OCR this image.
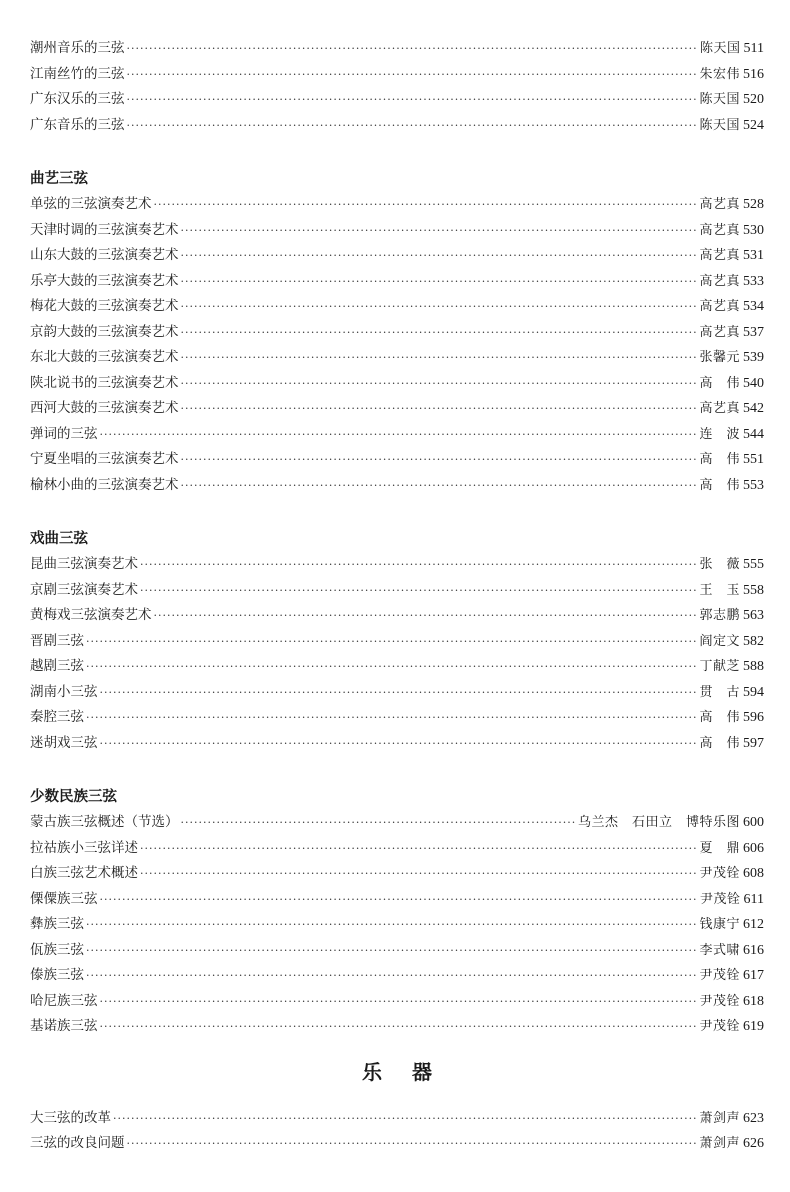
潮州音乐的三弦 ·····	陈天国 511
江南丝竹的三弦 ·····	朱宏伟 516
广东汉乐的三弦 ·····	陈天国 520
广东音乐的三弦 ·····	陈天国 524
曲艺三弦
单弦的三弦演奏艺术 ·····	高艺真 528
天津时调的三弦演奏艺术 ·····	高艺真 530
山东大鼓的三弦演奏艺术 ·····	高艺真 531
乐亭大鼓的三弦演奏艺术 ·····	高艺真 533
梅花大鼓的三弦演奏艺术 ·····	高艺真 534
京韵大鼓的三弦演奏艺术 ·····	高艺真 537
东北大鼓的三弦演奏艺术 ·····	张馨元 539
陕北说书的三弦演奏艺术 ·····	高　伟 540
西河大鼓的三弦演奏艺术 ·····	高艺真 542
弹词的三弦 ·····	连　波 544
宁夏坐唱的三弦演奏艺术 ·····	高　伟 551
榆林小曲的三弦演奏艺术 ·····	高　伟 553
戏曲三弦
昆曲三弦演奏艺术 ·····	张　薇 555
京剧三弦演奏艺术 ·····	王　玉 558
黄梅戏三弦演奏艺术 ·····	郭志鹏 563
晋剧三弦 ·····	阎定文 582
越剧三弦 ·····	丁献芝 588
湖南小三弦 ·····	贯　古 594
秦腔三弦 ·····	高　伟 596
迷胡戏三弦 ·····	高　伟 597
少数民族三弦
蒙古族三弦概述（节选） ·····	乌兰杰　石田立　博特乐图 600
拉祜族小三弦详述 ·····	夏　鼎 606
白族三弦艺术概述 ·····	尹茂铨 608
傈僳族三弦 ·····	尹茂铨 611
彝族三弦 ·····	钱康宁 612
佤族三弦 ·····	李式啸 616
傣族三弦 ·····	尹茂铨 617
哈尼族三弦 ·····	尹茂铨 618
基诺族三弦 ·····	尹茂铨 619
乐器
大三弦的改革 ·····	萧剑声 623
三弦的改良问题 ·····	萧剑声 626
